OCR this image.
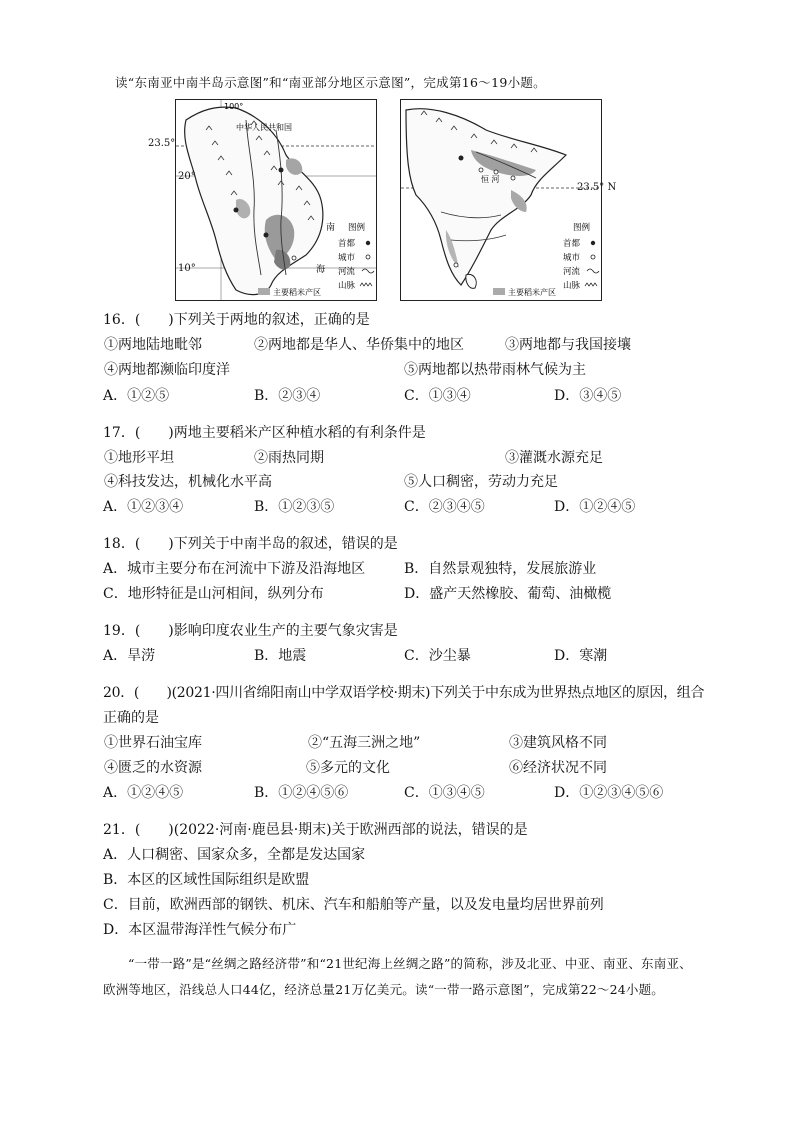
读“东南亚中南半岛示意图”和“南亚部分地区示意图”，完成第16～19小题。
100°
中华人民共和国
南
海
图例
首都
城市
河流
山脉
主要稻米产区
23.5°
20°
10°
恒 河
图例
首都
城市
河流
山脉
主要稻米产区
23.5° N
16．(　　)下列关于两地的叙述，正确的是
①两地陆地毗邻	②两地都是华人、华侨集中的地区	③两地都与我国接壤
④两地都濒临印度洋	⑤两地都以热带雨林气候为主
A．①②⑤	B．②③④	C．①③④	D．③④⑤
17．(　　)两地主要稻米产区种植水稻的有利条件是
①地形平坦	②雨热同期	③灌溉水源充足
④科技发达，机械化水平高	⑤人口稠密，劳动力充足
A．①②③④	B．①②③⑤	C．②③④⑤	D．①②④⑤
18．(　　)下列关于中南半岛的叙述，错误的是
A．城市主要分布在河流中下游及沿海地区	B．自然景观独特，发展旅游业
C．地形特征是山河相间，纵列分布	D．盛产天然橡胶、葡萄、油橄榄
19．(　　)影响印度农业生产的主要气象灾害是
A．旱涝	B．地震	C．沙尘暴	D．寒潮
20．(　　)(2021·四川省绵阳南山中学双语学校·期末)下列关于中东成为世界热点地区的原因，组合
正确的是
①世界石油宝库	②“五海三洲之地”	③建筑风格不同
④匮乏的水资源	⑤多元的文化	⑥经济状况不同
A．①②④⑤	B．①②④⑤⑥	C．①③④⑤	D．①②③④⑤⑥
21．(　　)(2022·河南·鹿邑县·期末)关于欧洲西部的说法，错误的是
A．人口稠密、国家众多，全都是发达国家
B．本区的区域性国际组织是欧盟
C．目前，欧洲西部的钢铁、机床、汽车和船舶等产量，以及发电量均居世界前列
D．本区温带海洋性气候分布广
“一带一路”是“丝绸之路经济带”和“21世纪海上丝绸之路”的简称，涉及北亚、中亚、南亚、东南亚、欧洲等地区，沿线总人口44亿，经济总量21万亿美元。读“一带一路示意图”，完成第22～24小题。
